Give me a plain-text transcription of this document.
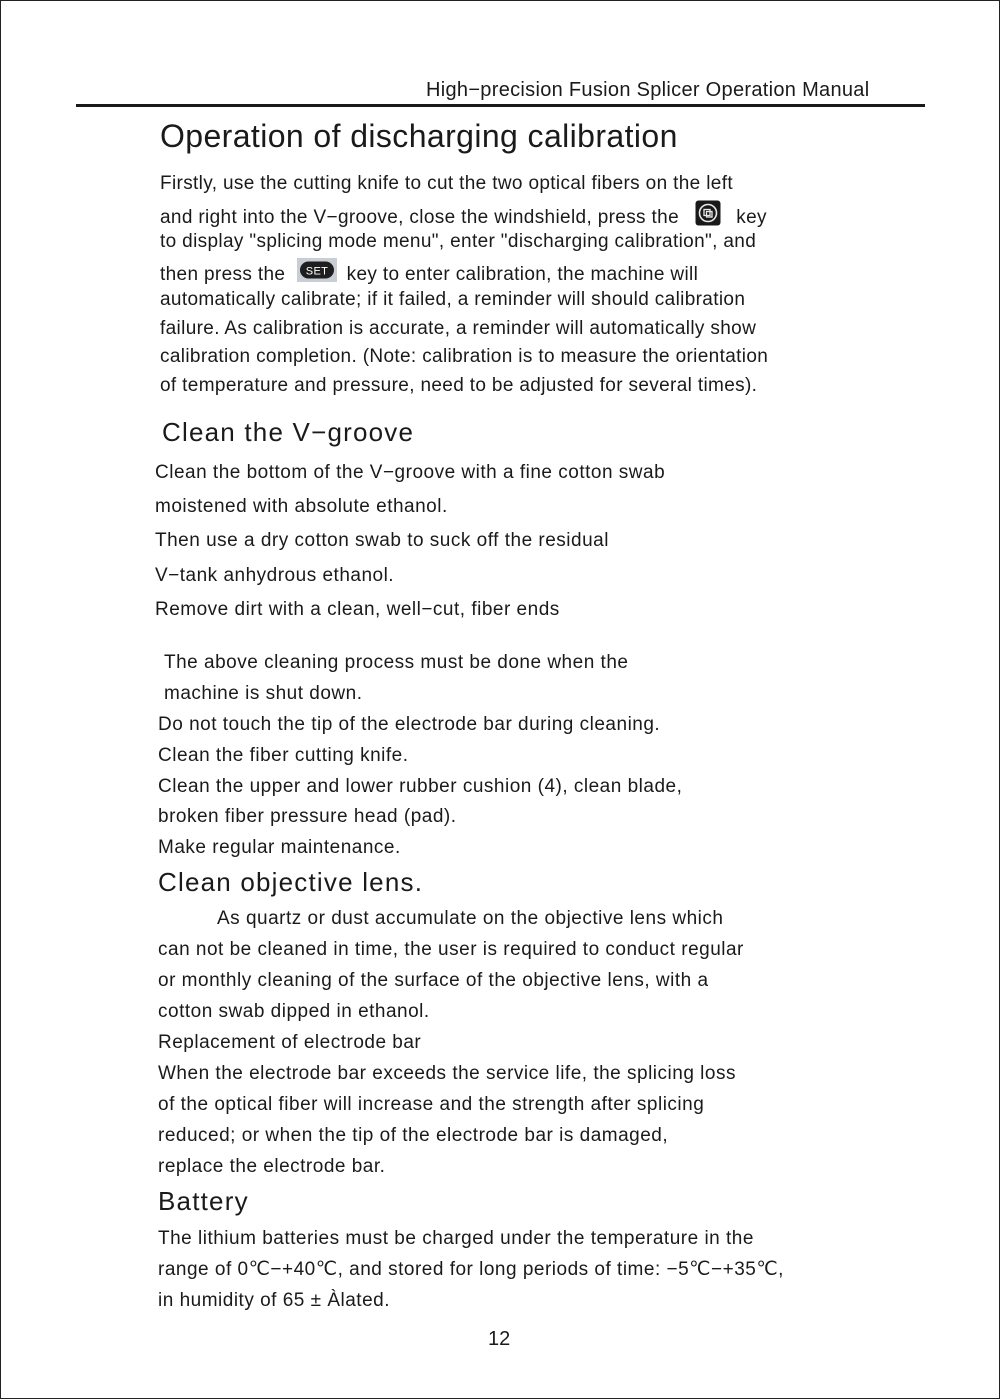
High−precision Fusion Splicer Operation Manual
Operation of discharging calibration
Firstly, use the cutting knife to cut the two optical fibers on the left
and right into the V−groove, close the windshield, press the	key
to display "splicing mode menu", enter "discharging calibration", and
then press the SET key to enter calibration, the machine will
automatically calibrate; if it failed, a reminder will should calibration
failure. As calibration is accurate, a reminder will automatically show
calibration completion. (Note: calibration is to measure the orientation
of temperature and pressure, need to be adjusted for several times).
Clean the V−groove
Clean the bottom of the V−groove with a fine cotton swab
moistened with absolute ethanol.
Then use a dry cotton swab to suck off the residual
V−tank anhydrous ethanol.
Remove dirt with a clean, well−cut, fiber ends
The above cleaning process must be done when the
machine is shut down.
Do not touch the tip of the electrode bar during cleaning.
Clean the fiber cutting knife.
Clean the upper and lower rubber cushion (4), clean blade,
broken fiber pressure head (pad).
Make regular maintenance.
Clean objective lens.
As quartz or dust accumulate on the objective lens which
can not be cleaned in time, the user is required to conduct regular
or monthly cleaning of the surface of the objective lens, with a
cotton swab dipped in ethanol.
Replacement of electrode bar
When the electrode bar exceeds the service life, the splicing loss
of the optical fiber will increase and the strength after splicing
reduced; or when the tip of the electrode bar is damaged,
replace the electrode bar.
Battery
The lithium batteries must be charged under the temperature in the
range of 0℃−+40℃, and stored for long periods of time: −5℃−+35℃,
in humidity of 65 ± Àlated.
12
